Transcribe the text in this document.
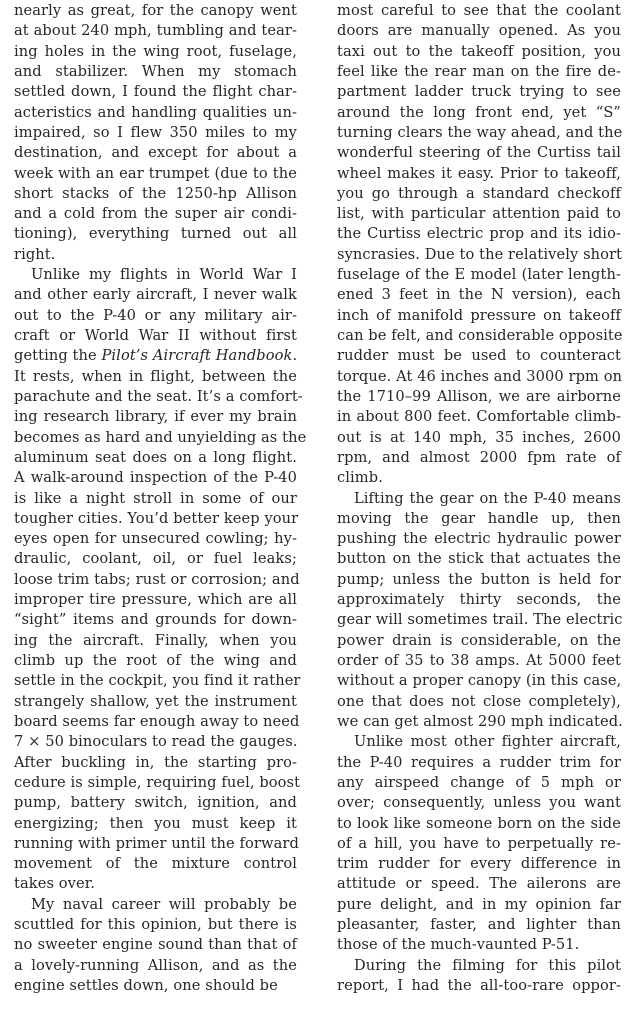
nearly as great, for the canopy went
at about 240 mph, tumbling and tear-
ing holes in the wing root, fuselage,
and stabilizer. When my stomach
settled down, I found the flight char-
acteristics and handling qualities un-
impaired, so I flew 350 miles to my
destination, and except for about a
week with an ear trumpet (due to the
short stacks of the 1250-hp Allison
and a cold from the super air condi-
tioning), everything turned out all
right.
Unlike my flights in World War I
and other early aircraft, I never walk
out to the P-40 or any military air-
craft or World War II without first
getting the Pilot’s Aircraft Handbook.
It rests, when in flight, between the
parachute and the seat. It’s a comfort-
ing research library, if ever my brain
becomes as hard and unyielding as the
aluminum seat does on a long flight.
A walk-around inspection of the P-40
is like a night stroll in some of our
tougher cities. You’d better keep your
eyes open for unsecured cowling; hy-
draulic, coolant, oil, or fuel leaks;
loose trim tabs; rust or corrosion; and
improper tire pressure, which are all
“sight” items and grounds for down-
ing the aircraft. Finally, when you
climb up the root of the wing and
settle in the cockpit, you find it rather
strangely shallow, yet the instrument
board seems far enough away to need
7 × 50 binoculars to read the gauges.
After buckling in, the starting pro-
cedure is simple, requiring fuel, boost
pump, battery switch, ignition, and
energizing; then you must keep it
running with primer until the forward
movement of the mixture control
takes over.
My naval career will probably be
scuttled for this opinion, but there is
no sweeter engine sound than that of
a lovely-running Allison, and as the
engine settles down, one should be
most careful to see that the coolant
doors are manually opened. As you
taxi out to the takeoff position, you
feel like the rear man on the fire de-
partment ladder truck trying to see
around the long front end, yet “S”
turning clears the way ahead, and the
wonderful steering of the Curtiss tail
wheel makes it easy. Prior to takeoff,
you go through a standard checkoff
list, with particular attention paid to
the Curtiss electric prop and its idio-
syncrasies. Due to the relatively short
fuselage of the E model (later length-
ened 3 feet in the N version), each
inch of manifold pressure on takeoff
can be felt, and considerable opposite
rudder must be used to counteract
torque. At 46 inches and 3000 rpm on
the 1710–99 Allison, we are airborne
in about 800 feet. Comfortable climb-
out is at 140 mph, 35 inches, 2600
rpm, and almost 2000 fpm rate of
climb.
Lifting the gear on the P-40 means
moving the gear handle up, then
pushing the electric hydraulic power
button on the stick that actuates the
pump; unless the button is held for
approximately thirty seconds, the
gear will sometimes trail. The electric
power drain is considerable, on the
order of 35 to 38 amps. At 5000 feet
without a proper canopy (in this case,
one that does not close completely),
we can get almost 290 mph indicated.
Unlike most other fighter aircraft,
the P-40 requires a rudder trim for
any airspeed change of 5 mph or
over; consequently, unless you want
to look like someone born on the side
of a hill, you have to perpetually re-
trim rudder for every difference in
attitude or speed. The ailerons are
pure delight, and in my opinion far
pleasanter, faster, and lighter than
those of the much-vaunted P-51.
During the filming for this pilot
report, I had the all-too-rare oppor-
